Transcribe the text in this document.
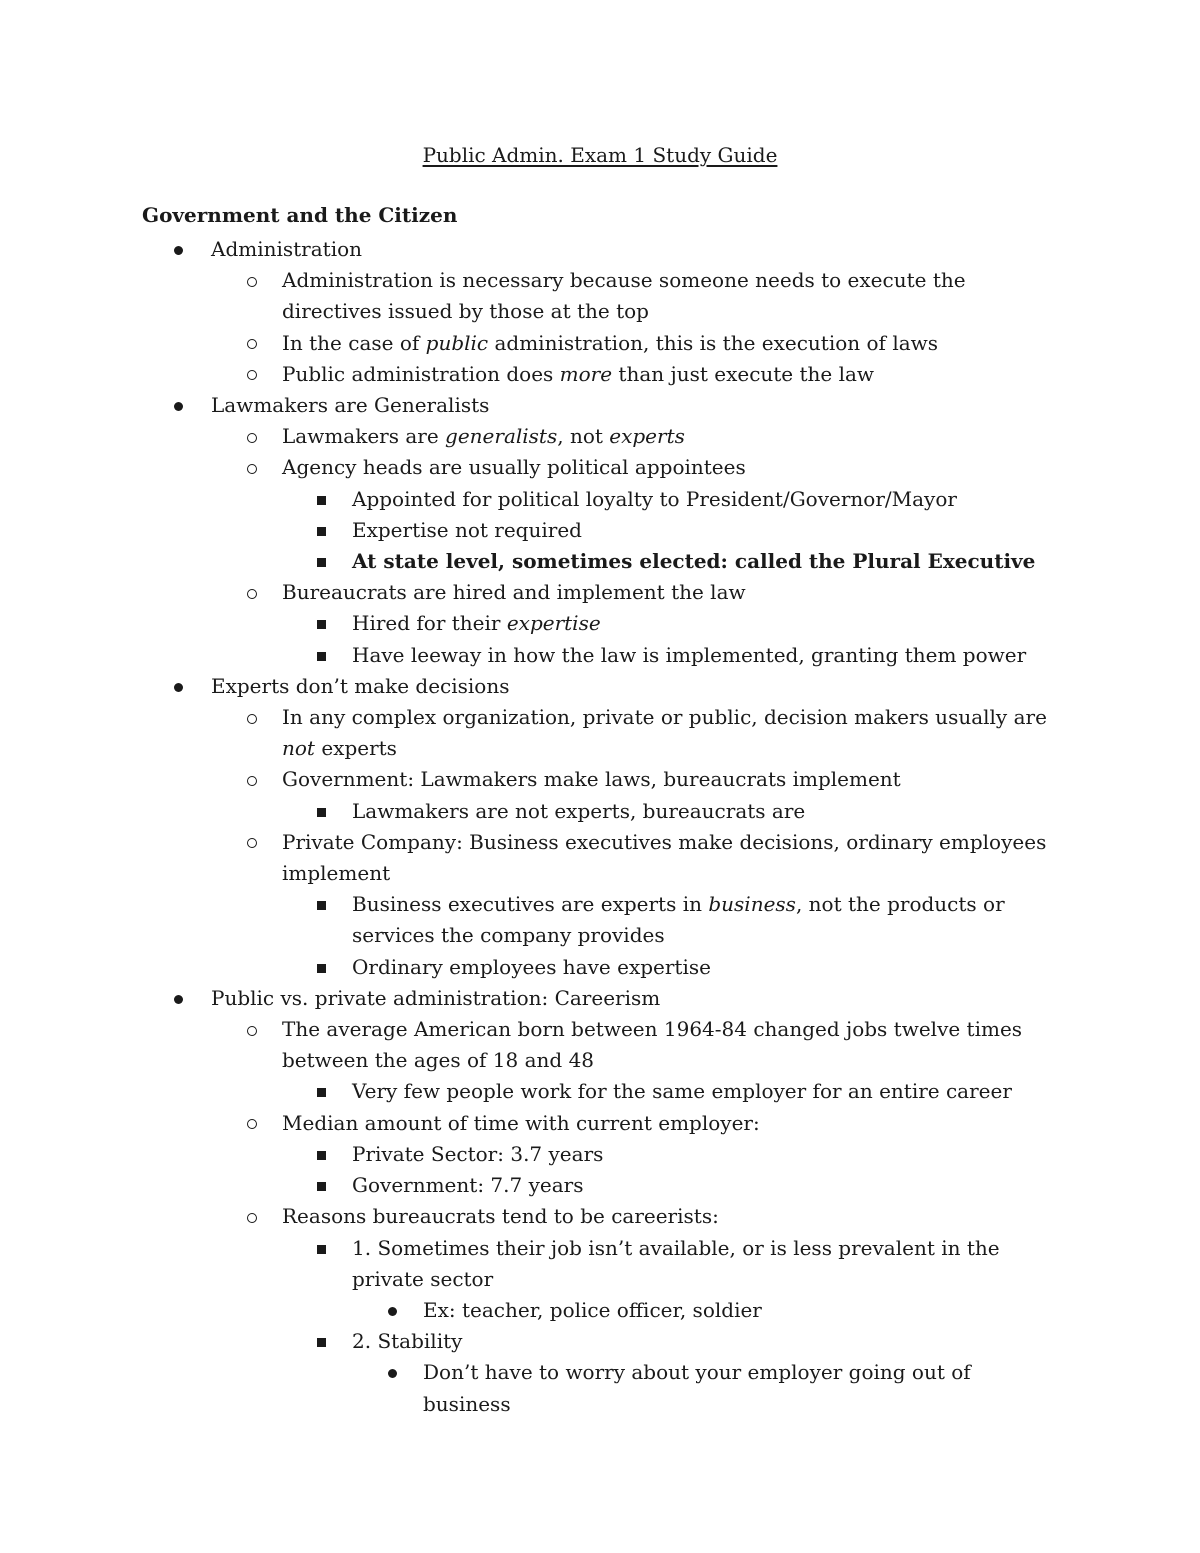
Public Admin. Exam 1 Study Guide
Government and the Citizen
Administration
Administration is necessary because someone needs to execute the directives issued by those at the top
In the case of public administration, this is the execution of laws
Public administration does more than just execute the law
Lawmakers are Generalists
Lawmakers are generalists, not experts
Agency heads are usually political appointees
Appointed for political loyalty to President/Governor/Mayor
Expertise not required
At state level, sometimes elected: called the Plural Executive
Bureaucrats are hired and implement the law
Hired for their expertise
Have leeway in how the law is implemented, granting them power
Experts don’t make decisions
In any complex organization, private or public, decision makers usually are not experts
Government: Lawmakers make laws, bureaucrats implement
Lawmakers are not experts, bureaucrats are
Private Company: Business executives make decisions, ordinary employees implement
Business executives are experts in business, not the products or services the company provides
Ordinary employees have expertise
Public vs. private administration: Careerism
The average American born between 1964-84 changed jobs twelve times between the ages of 18 and 48
Very few people work for the same employer for an entire career
Median amount of time with current employer:
Private Sector: 3.7 years
Government: 7.7 years
Reasons bureaucrats tend to be careerists:
1. Sometimes their job isn’t available, or is less prevalent in the private sector
Ex: teacher, police officer, soldier
2. Stability
Don’t have to worry about your employer going out of business
